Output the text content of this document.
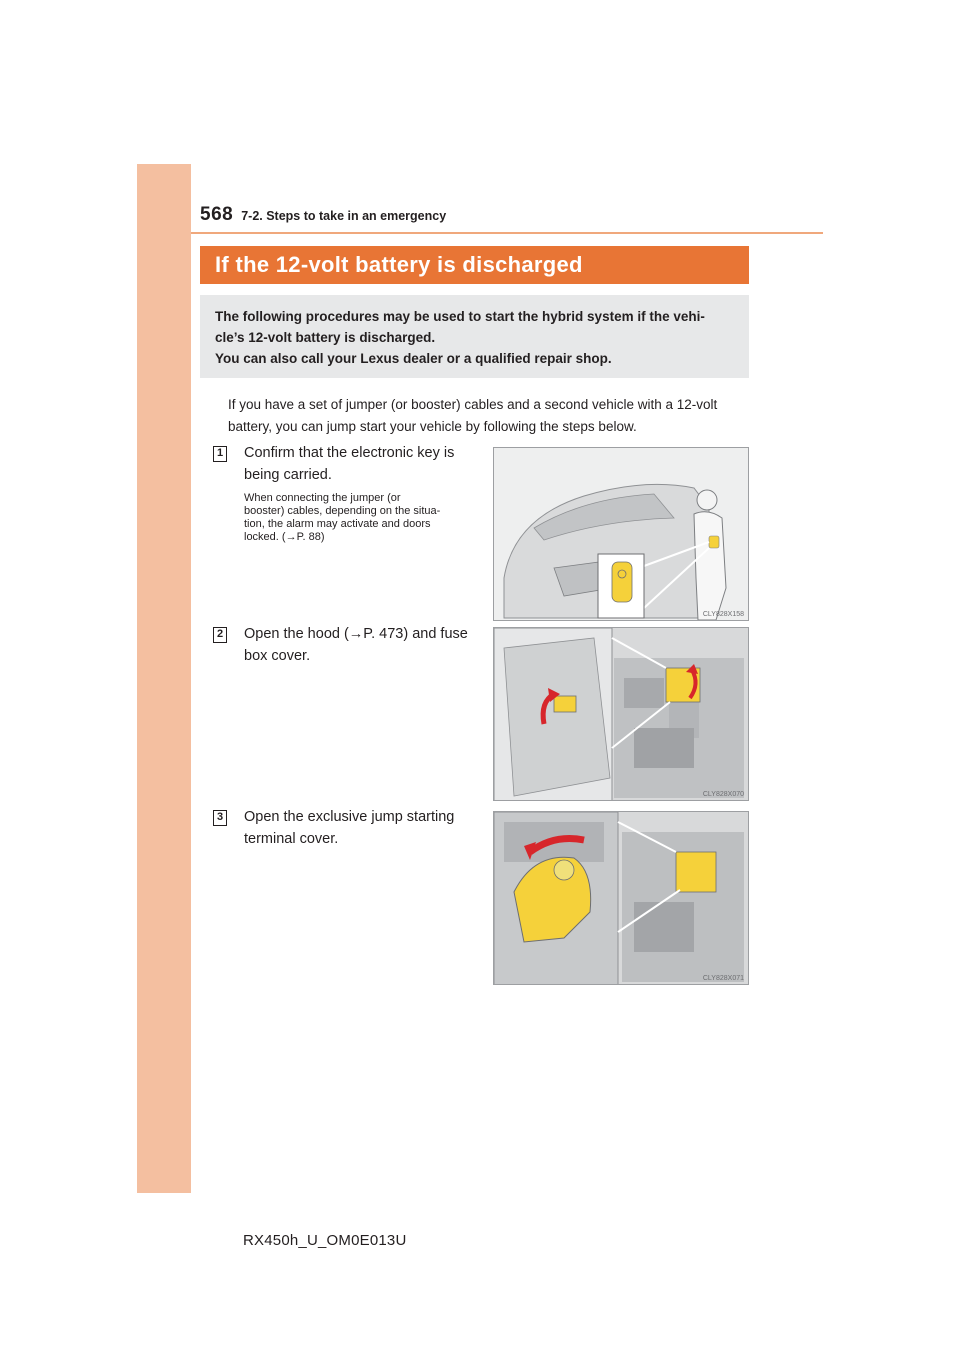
568 7-2. Steps to take in an emergency
If the 12-volt battery is discharged
The following procedures may be used to start the hybrid system if the vehi-
cle’s 12-volt battery is discharged.
You can also call your Lexus dealer or a qualified repair shop.
If you have a set of jumper (or booster) cables and a second vehicle with a 12-volt
battery, you can jump start your vehicle by following the steps below.
1 Confirm that the electronic key is
being carried.
When connecting the jumper (or
booster) cables, depending on the situa-
tion, the alarm may activate and doors
locked. (→P. 88)
CLY828X158
2 Open the hood (→P. 473) and fuse
box cover.
CLY828X070
3 Open the exclusive jump starting
terminal cover.
CLY828X071
RX450h_U_OM0E013U
